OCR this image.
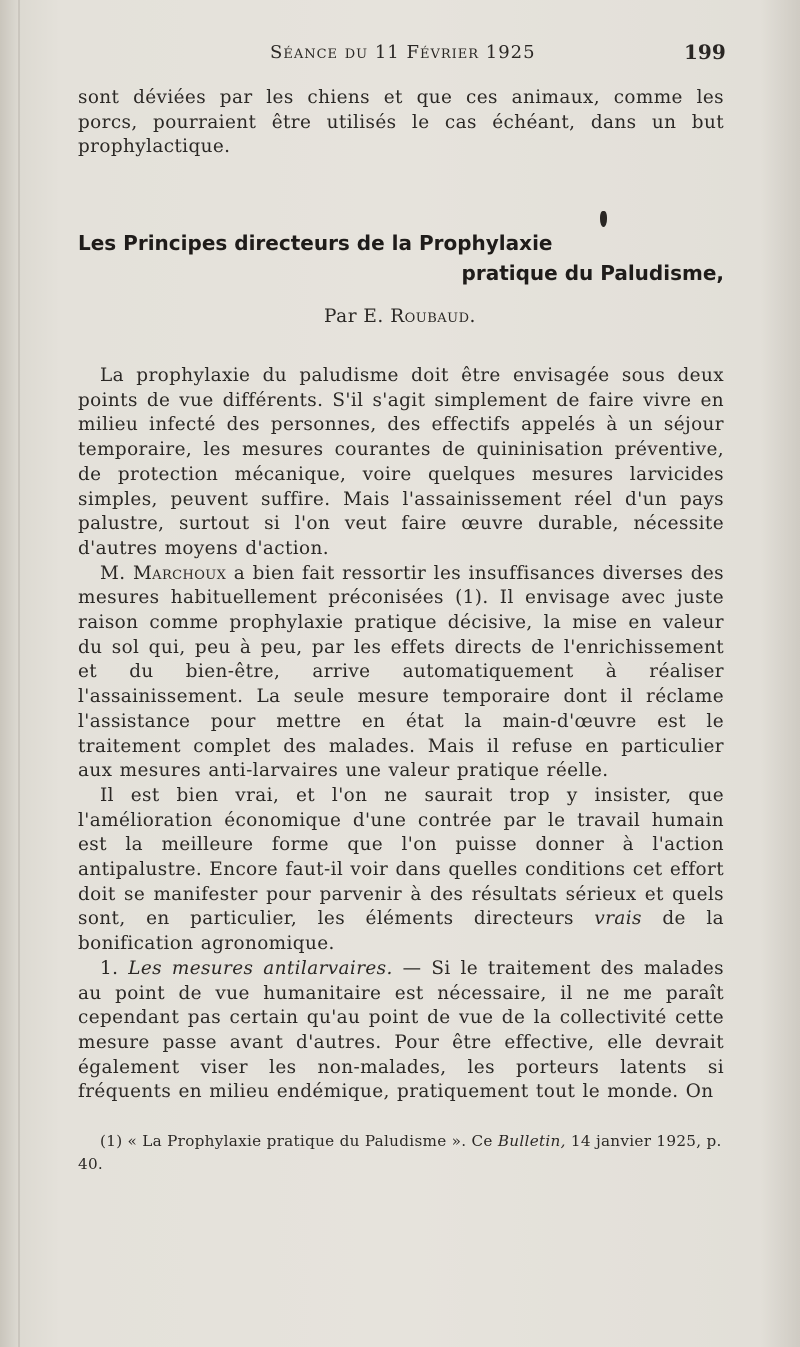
Séance du 11 Février 1925	199

sont déviées par les chiens et que ces animaux, comme les porcs, pourraient être utilisés le cas échéant, dans un but prophylactique.

Les Principes directeurs de la Prophylaxie
pratique du Paludisme,
Par E. Roubaud.

La prophylaxie du paludisme doit être envisagée sous deux points de vue différents. S'il s'agit simplement de faire vivre en milieu infecté des personnes, des effectifs appelés à un séjour temporaire, les mesures courantes de quininisation préventive, de protection mécanique, voire quelques mesures larvicides simples, peuvent suffire. Mais l'assainissement réel d'un pays palustre, surtout si l'on veut faire œuvre durable, nécessite d'autres moyens d'action.

M. Marchoux a bien fait ressortir les insuffisances diverses des mesures habituellement préconisées (1). Il envisage avec juste raison comme prophylaxie pratique décisive, la mise en valeur du sol qui, peu à peu, par les effets directs de l'enrichissement et du bien-être, arrive automatiquement à réaliser l'assainissement. La seule mesure temporaire dont il réclame l'assistance pour mettre en état la main-d'œuvre est le traitement complet des malades. Mais il refuse en particulier aux mesures anti-larvaires une valeur pratique réelle.

Il est bien vrai, et l'on ne saurait trop y insister, que l'amélioration économique d'une contrée par le travail humain est la meilleure forme que l'on puisse donner à l'action antipalustre. Encore faut-il voir dans quelles conditions cet effort doit se manifester pour parvenir à des résultats sérieux et quels sont, en particulier, les éléments directeurs vrais de la bonification agronomique.

1. Les mesures antilarvaires. — Si le traitement des malades au point de vue humanitaire est nécessaire, il ne me paraît cependant pas certain qu'au point de vue de la collectivité cette mesure passe avant d'autres. Pour être effective, elle devrait également viser les non-malades, les porteurs latents si fréquents en milieu endémique, pratiquement tout le monde. On

(1) « La Prophylaxie pratique du Paludisme ». Ce Bulletin, 14 janvier 1925, p. 40.
